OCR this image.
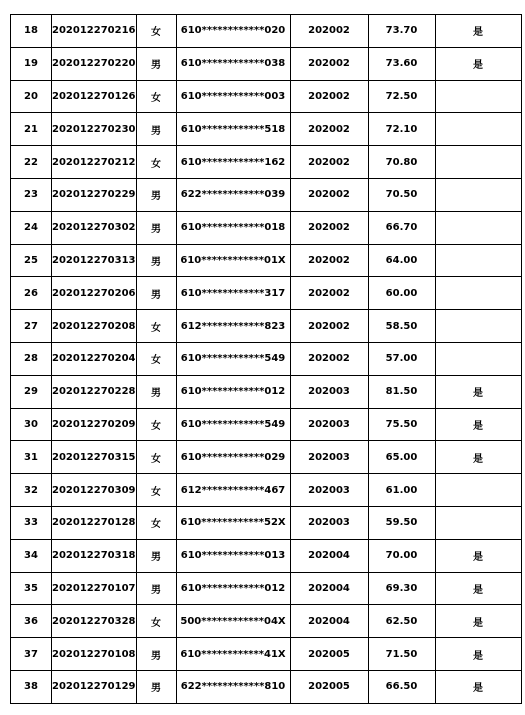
18	202012270216	女	610************020	202002	73.70	是
19	202012270220	男	610************038	202002	73.60	是
20	202012270126	女	610************003	202002	72.50	
21	202012270230	男	610************518	202002	72.10	
22	202012270212	女	610************162	202002	70.80	
23	202012270229	男	622************039	202002	70.50	
24	202012270302	男	610************018	202002	66.70	
25	202012270313	男	610************01X	202002	64.00	
26	202012270206	男	610************317	202002	60.00	
27	202012270208	女	612************823	202002	58.50	
28	202012270204	女	610************549	202002	57.00	
29	202012270228	男	610************012	202003	81.50	是
30	202012270209	女	610************549	202003	75.50	是
31	202012270315	女	610************029	202003	65.00	是
32	202012270309	女	612************467	202003	61.00	
33	202012270128	女	610************52X	202003	59.50	
34	202012270318	男	610************013	202004	70.00	是
35	202012270107	男	610************012	202004	69.30	是
36	202012270328	女	500************04X	202004	62.50	是
37	202012270108	男	610************41X	202005	71.50	是
38	202012270129	男	622************810	202005	66.50	是
